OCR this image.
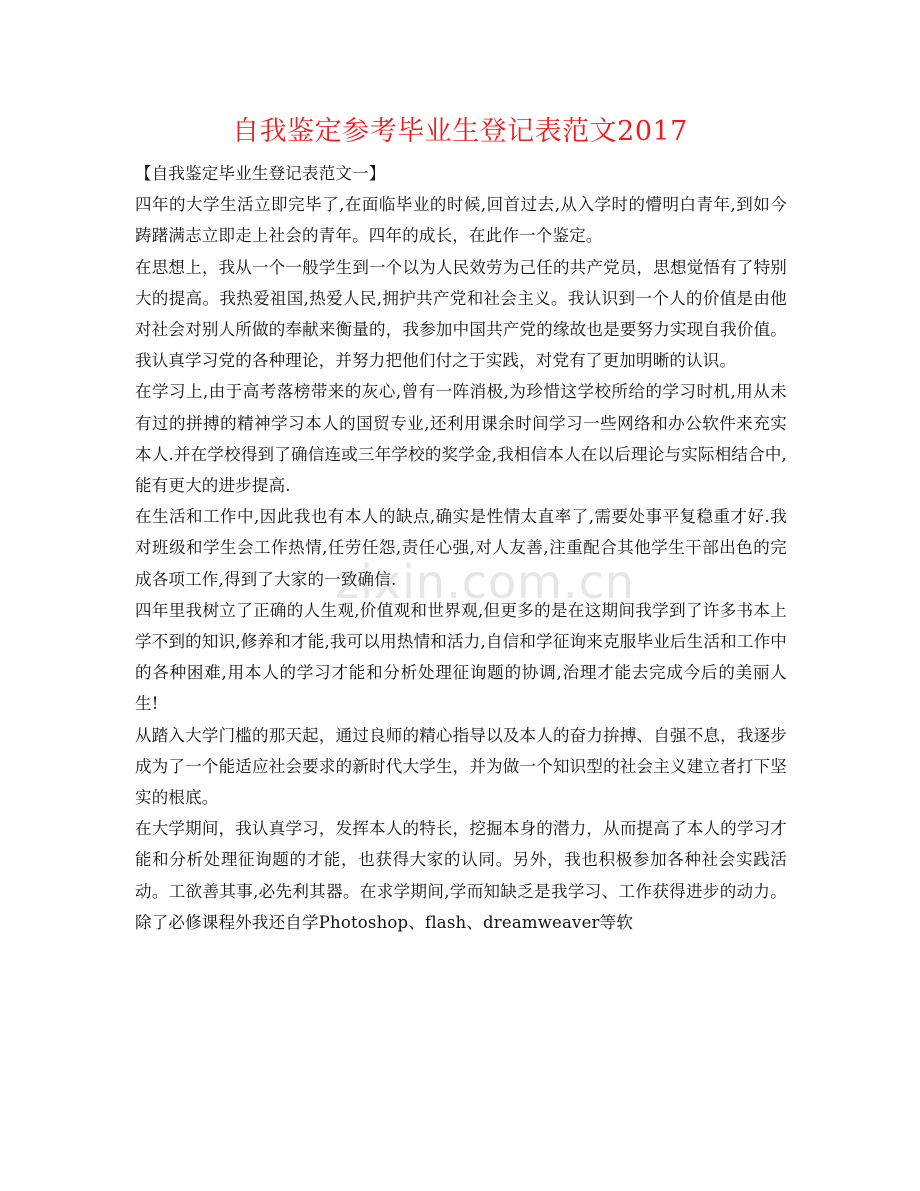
zixin.com.cn
自我鉴定参考毕业生登记表范文2017

【自我鉴定毕业生登记表范文一】

四年的大学生活立即完毕了,在面临毕业的时候,回首过去,从入学时的懵明白青年,到如今踌躇满志立即走上社会的青年。四年的成长，在此作一个鉴定。

在思想上，我从一个一般学生到一个以为人民效劳为己任的共产党员，思想觉悟有了特别大的提高。我热爱祖国,热爱人民,拥护共产党和社会主义。我认识到一个人的价值是由他对社会对别人所做的奉献来衡量的，我参加中国共产党的缘故也是要努力实现自我价值。我认真学习党的各种理论，并努力把他们付之于实践，对党有了更加明晰的认识。

在学习上,由于高考落榜带来的灰心,曾有一阵消极,为珍惜这学校所给的学习时机,用从未有过的拼搏的精神学习本人的国贸专业,还利用课余时间学习一些网络和办公软件来充实本人.并在学校得到了确信连或三年学校的奖学金,我相信本人在以后理论与实际相结合中,能有更大的进步提高.

在生活和工作中,因此我也有本人的缺点,确实是性情太直率了,需要处事平复稳重才好.我对班级和学生会工作热情,任劳任怨,责任心强,对人友善,注重配合其他学生干部出色的完成各项工作,得到了大家的一致确信.

四年里我树立了正确的人生观,价值观和世界观,但更多的是在这期间我学到了许多书本上学不到的知识,修养和才能,我可以用热情和活力,自信和学征询来克服毕业后生活和工作中的各种困难,用本人的学习才能和分析处理征询题的协调,治理才能去完成今后的美丽人生!

从踏入大学门槛的那天起，通过良师的精心指导以及本人的奋力拚搏、自强不息，我逐步成为了一个能适应社会要求的新时代大学生，并为做一个知识型的社会主义建立者打下坚实的根底。

在大学期间，我认真学习，发挥本人的特长，挖掘本身的潜力，从而提高了本人的学习才能和分析处理征询题的才能，也获得大家的认同。另外，我也积极参加各种社会实践活动。工欲善其事,必先利其器。在求学期间,学而知缺乏是我学习、工作获得进步的动力。除了必修课程外我还自学Photoshop、flash、dreamweaver等软
